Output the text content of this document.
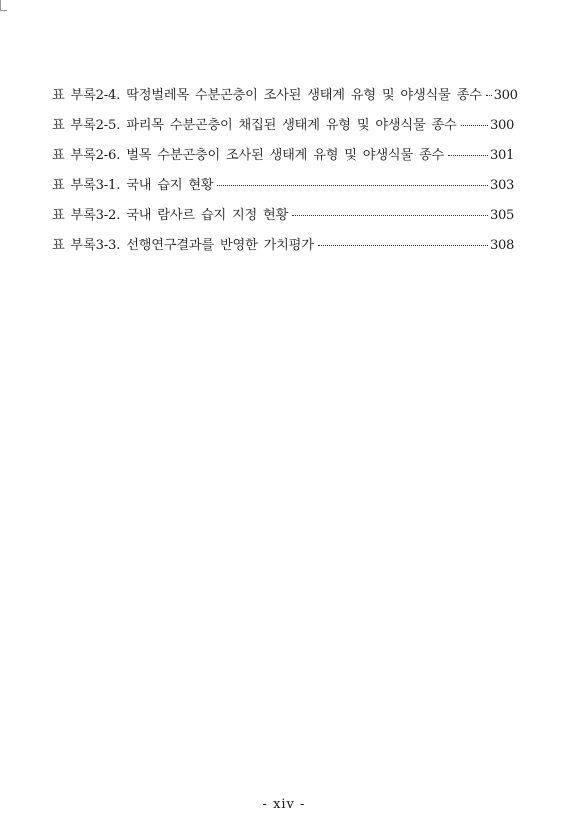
표 부록2-4. 딱정벌레목 수분곤충이 조사된 생태계 유형 및 야생식물 종수 300
표 부록2-5. 파리목 수분곤충이 채집된 생태계 유형 및 야생식물 종수	300
표 부록2-6. 벌목 수분곤충이 조사된 생태계 유형 및 야생식물 종수	301
표 부록3-1. 국내 습지 현황	303
표 부록3-2. 국내 람사르 습지 지정 현황	305
표 부록3-3. 선행연구결과를 반영한 가치평가	308
- xiv -
